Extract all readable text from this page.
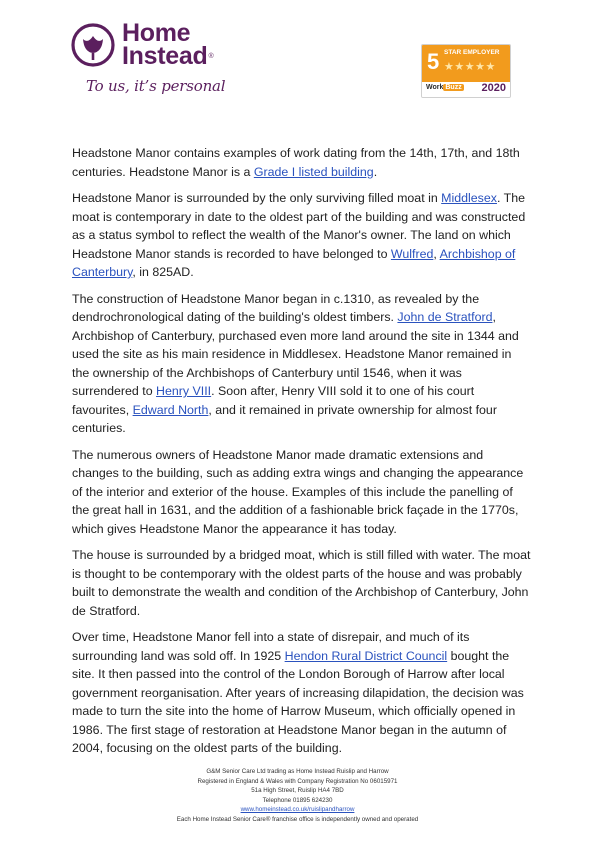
Home
Instead®
To us, it’s personal
5 STAR EMPLOYER
★★★★★
Work Buzz 2020

Headstone Manor contains examples of work dating from the 14th, 17th, and 18th centuries. Headstone Manor is a Grade I listed building.

Headstone Manor is surrounded by the only surviving filled moat in Middlesex. The moat is contemporary in date to the oldest part of the building and was constructed as a status symbol to reflect the wealth of the Manor's owner. The land on which Headstone Manor stands is recorded to have belonged to Wulfred, Archbishop of Canterbury, in 825AD.

The construction of Headstone Manor began in c.1310, as revealed by the dendrochronological dating of the building's oldest timbers. John de Stratford, Archbishop of Canterbury, purchased even more land around the site in 1344 and used the site as his main residence in Middlesex. Headstone Manor remained in the ownership of the Archbishops of Canterbury until 1546, when it was surrendered to Henry VIII. Soon after, Henry VIII sold it to one of his court favourites, Edward North, and it remained in private ownership for almost four centuries.

The numerous owners of Headstone Manor made dramatic extensions and changes to the building, such as adding extra wings and changing the appearance of the interior and exterior of the house. Examples of this include the panelling of the great hall in 1631, and the addition of a fashionable brick façade in the 1770s, which gives Headstone Manor the appearance it has today.

The house is surrounded by a bridged moat, which is still filled with water. The moat is thought to be contemporary with the oldest parts of the house and was probably built to demonstrate the wealth and condition of the Archbishop of Canterbury, John de Stratford.

Over time, Headstone Manor fell into a state of disrepair, and much of its surrounding land was sold off. In 1925 Hendon Rural District Council bought the site. It then passed into the control of the London Borough of Harrow after local government reorganisation. After years of increasing dilapidation, the decision was made to turn the site into the home of Harrow Museum, which officially opened in 1986. The first stage of restoration at Headstone Manor began in the autumn of 2004, focusing on the oldest parts of the building.

G&M Senior Care Ltd trading as Home Instead Ruislip and Harrow
Registered in England & Wales with Company Registration No 06015971
51a High Street, Ruislip HA4 7BD
Telephone 01895 624230
www.homeinstead.co.uk/ruislipandharrow
Each Home Instead Senior Care® franchise office is independently owned and operated
